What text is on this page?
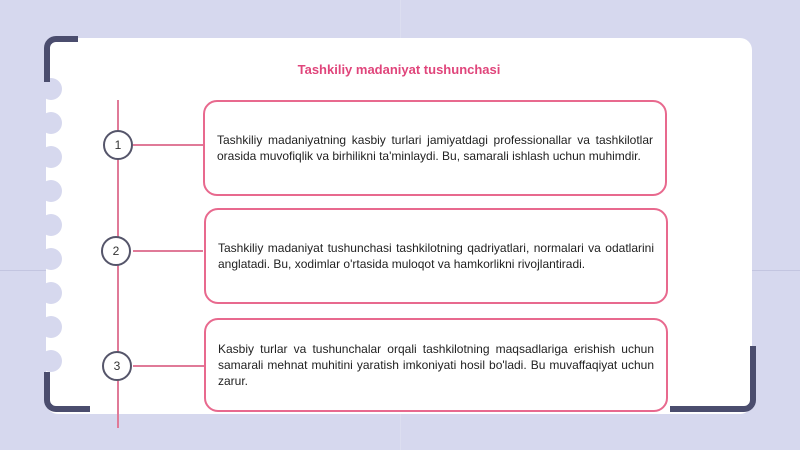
Tashkiliy madaniyat tushunchasi
1	Tashkiliy madaniyatning kasbiy turlari jamiyatdagi professionallar va tashkilotlar orasida muvofiqlik va birhilikni ta'minlaydi. Bu, samarali ishlash uchun muhimdir.

2	Tashkiliy madaniyat tushunchasi tashkilotning qadriyatlari, normalari va odatlarini anglatadi. Bu, xodimlar o'rtasida muloqot va hamkorlikni rivojlantiradi.

3

Kasbiy turlar va tushunchalar orqali tashkilotning maqsadlariga erishish uchun samarali mehnat muhitini yaratish imkoniyati hosil bo'ladi. Bu muvaffaqiyat uchun zarur.
